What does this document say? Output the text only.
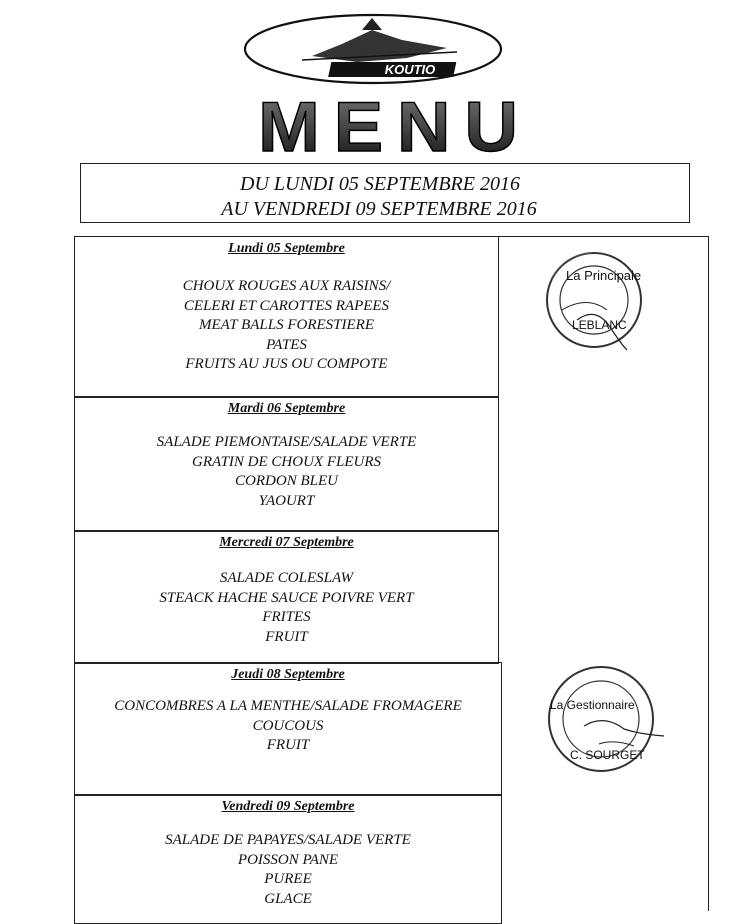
KOUTIO
MENU
DU LUNDI 05 SEPTEMBRE 2016
AU VENDREDI 09 SEPTEMBRE 2016
Lundi 05 Septembre
CHOUX ROUGES AUX RAISINS/
CELERI ET CAROTTES RAPEES
MEAT BALLS FORESTIERE
PATES
FRUITS AU JUS OU COMPOTE
Mardi 06 Septembre
SALADE PIEMONTAISE/SALADE VERTE
GRATIN DE CHOUX FLEURS
CORDON BLEU
YAOURT
Mercredi 07 Septembre
SALADE COLESLAW
STEACK HACHE SAUCE POIVRE VERT
FRITES
FRUIT
Jeudi 08 Septembre
CONCOMBRES A LA MENTHE/SALADE FROMAGERE
COUCOUS
FRUIT
Vendredi 09 Septembre
SALADE DE PAPAYES/SALADE VERTE
POISSON PANE
PUREE
GLACE
La Principale
LEBLANC
La Gestionnaire
C. SOURGET
